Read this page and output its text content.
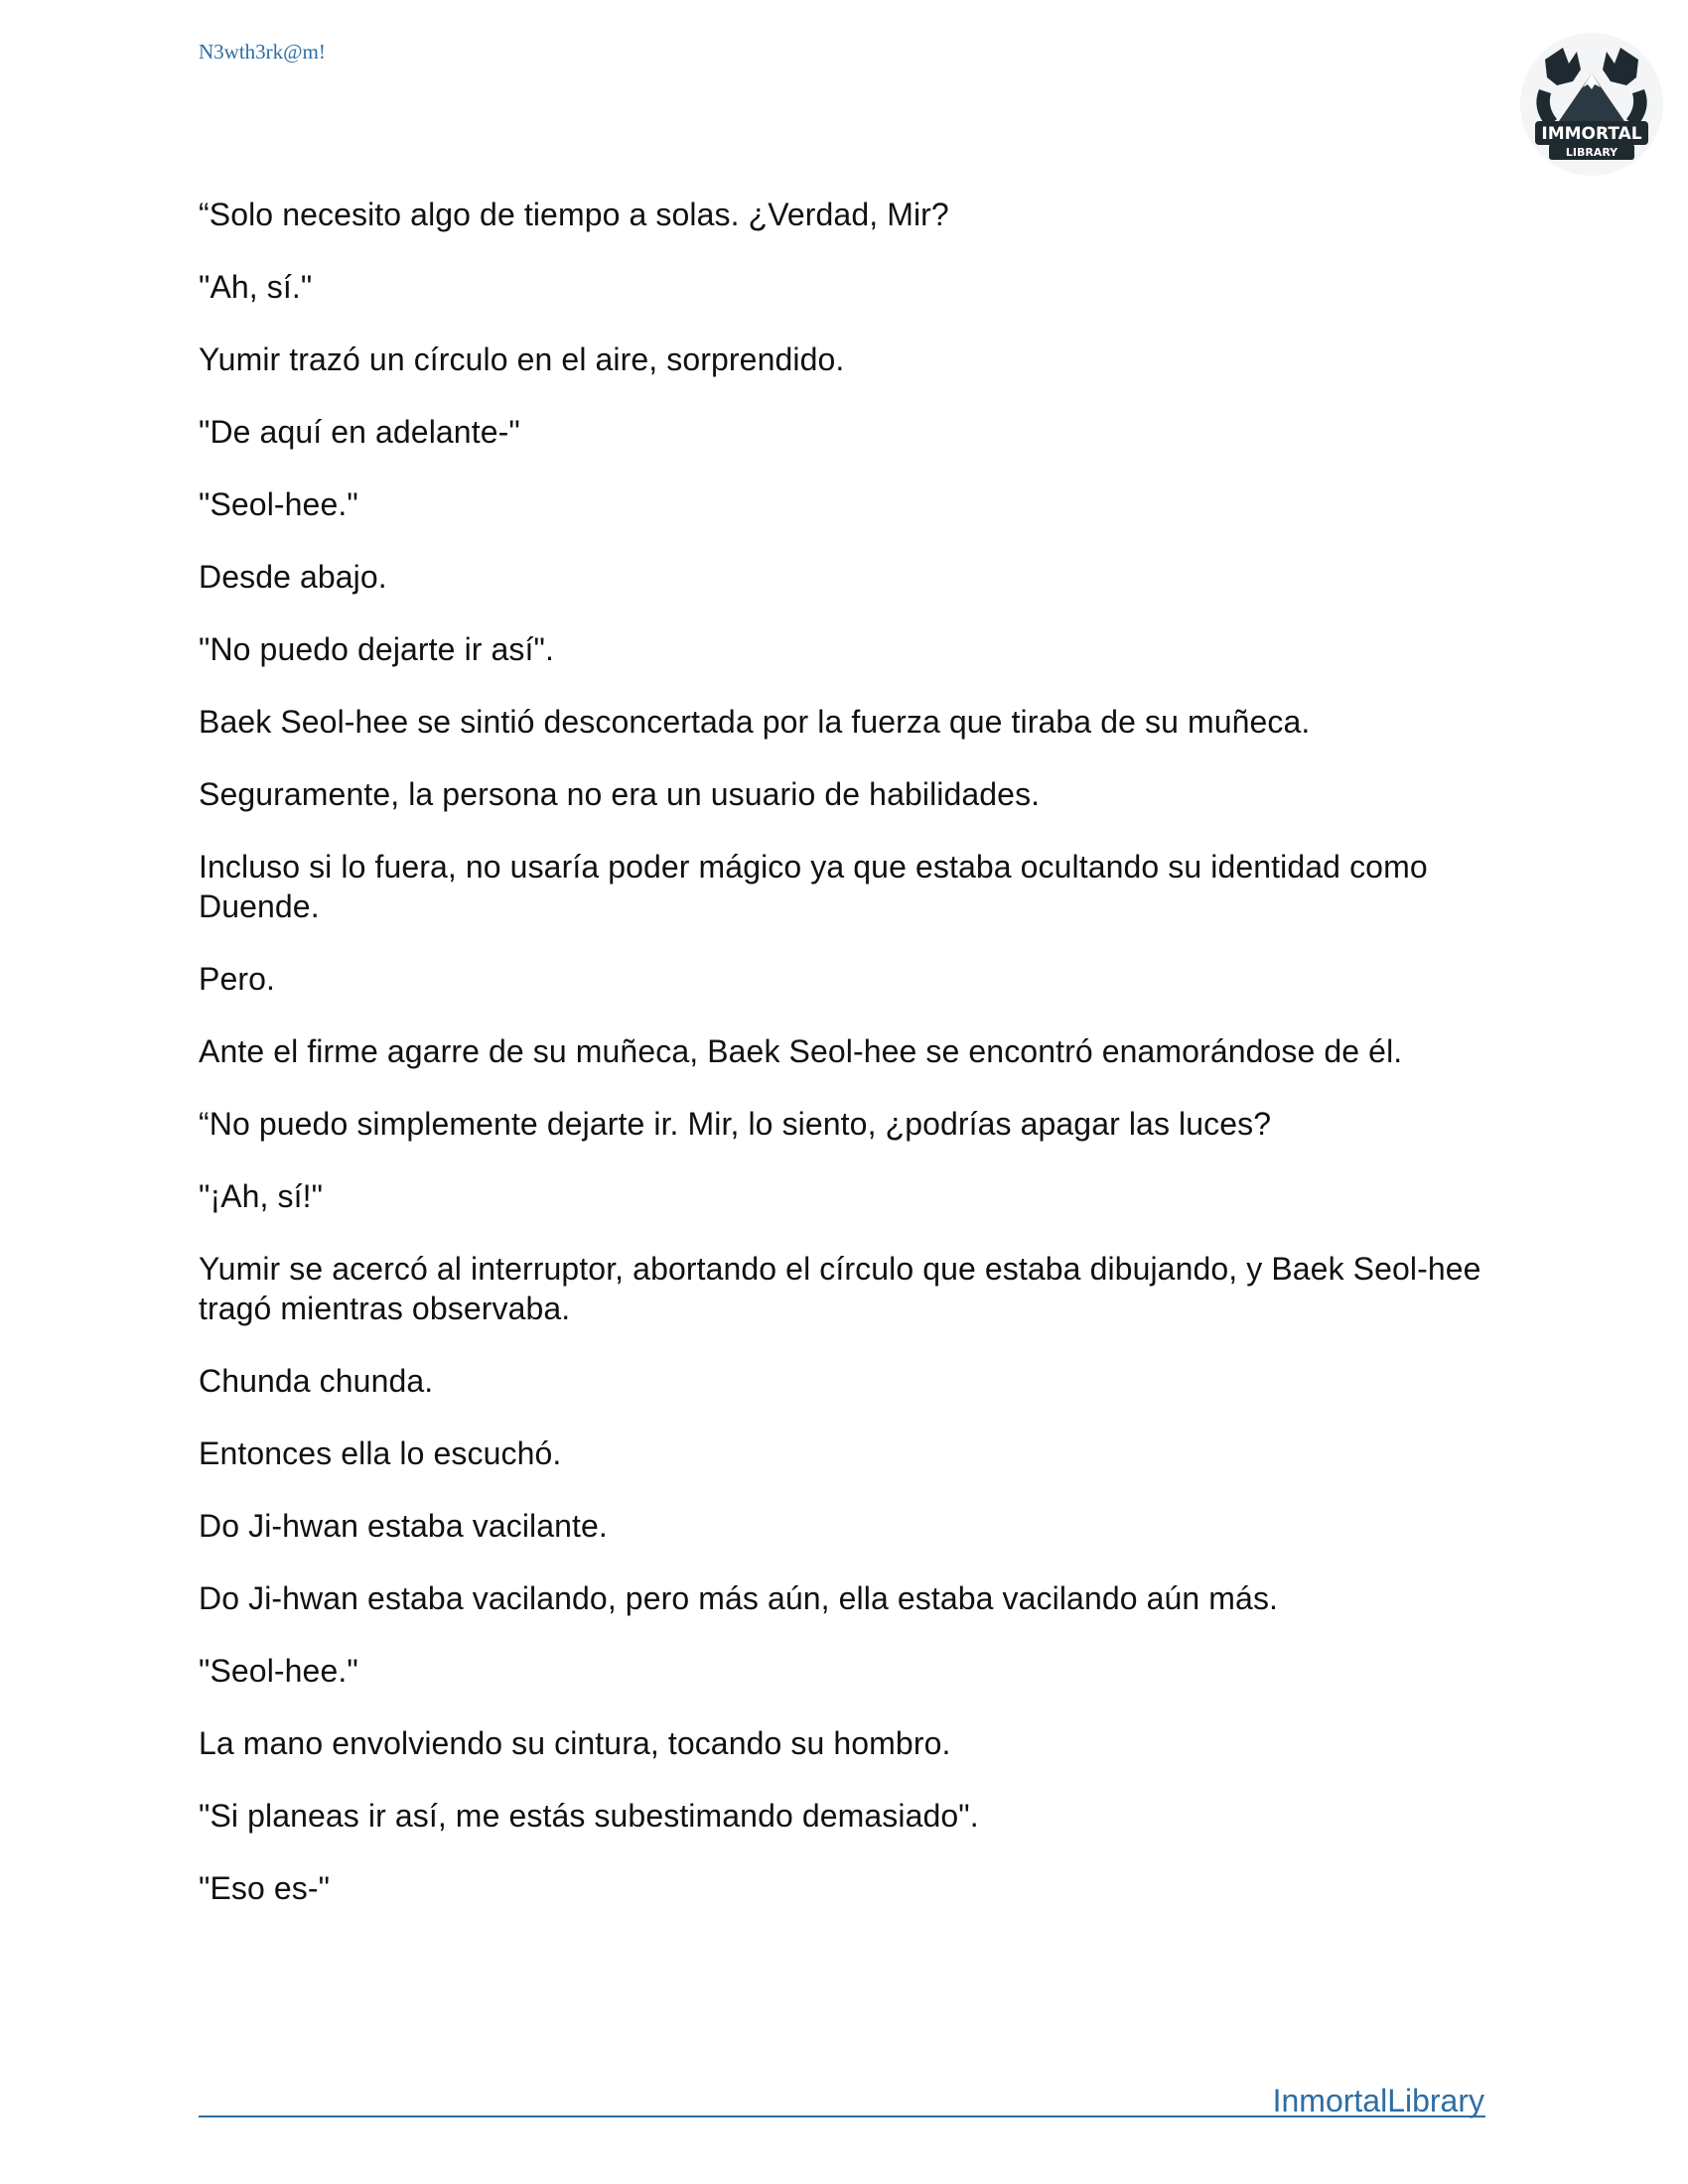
N3wth3rk@m!

IMMORTAL
LIBRARY

“Solo necesito algo de tiempo a solas. ¿Verdad, Mir?

"Ah, sí."

Yumir trazó un círculo en el aire, sorprendido.

"De aquí en adelante-"

"Seol-hee."

Desde abajo.

"No puedo dejarte ir así".

Baek Seol-hee se sintió desconcertada por la fuerza que tiraba de su muñeca.

Seguramente, la persona no era un usuario de habilidades.

Incluso si lo fuera, no usaría poder mágico ya que estaba ocultando su identidad como Duende.

Pero.

Ante el firme agarre de su muñeca, Baek Seol-hee se encontró enamorándose de él.

“No puedo simplemente dejarte ir. Mir, lo siento, ¿podrías apagar las luces?

"¡Ah, sí!"

Yumir se acercó al interruptor, abortando el círculo que estaba dibujando, y Baek Seol-hee tragó mientras observaba.

Chunda chunda.

Entonces ella lo escuchó.

Do Ji-hwan estaba vacilante.

Do Ji-hwan estaba vacilando, pero más aún, ella estaba vacilando aún más.

"Seol-hee."

La mano envolviendo su cintura, tocando su hombro.

"Si planeas ir así, me estás subestimando demasiado".

"Eso es-"

InmortalLibrary
